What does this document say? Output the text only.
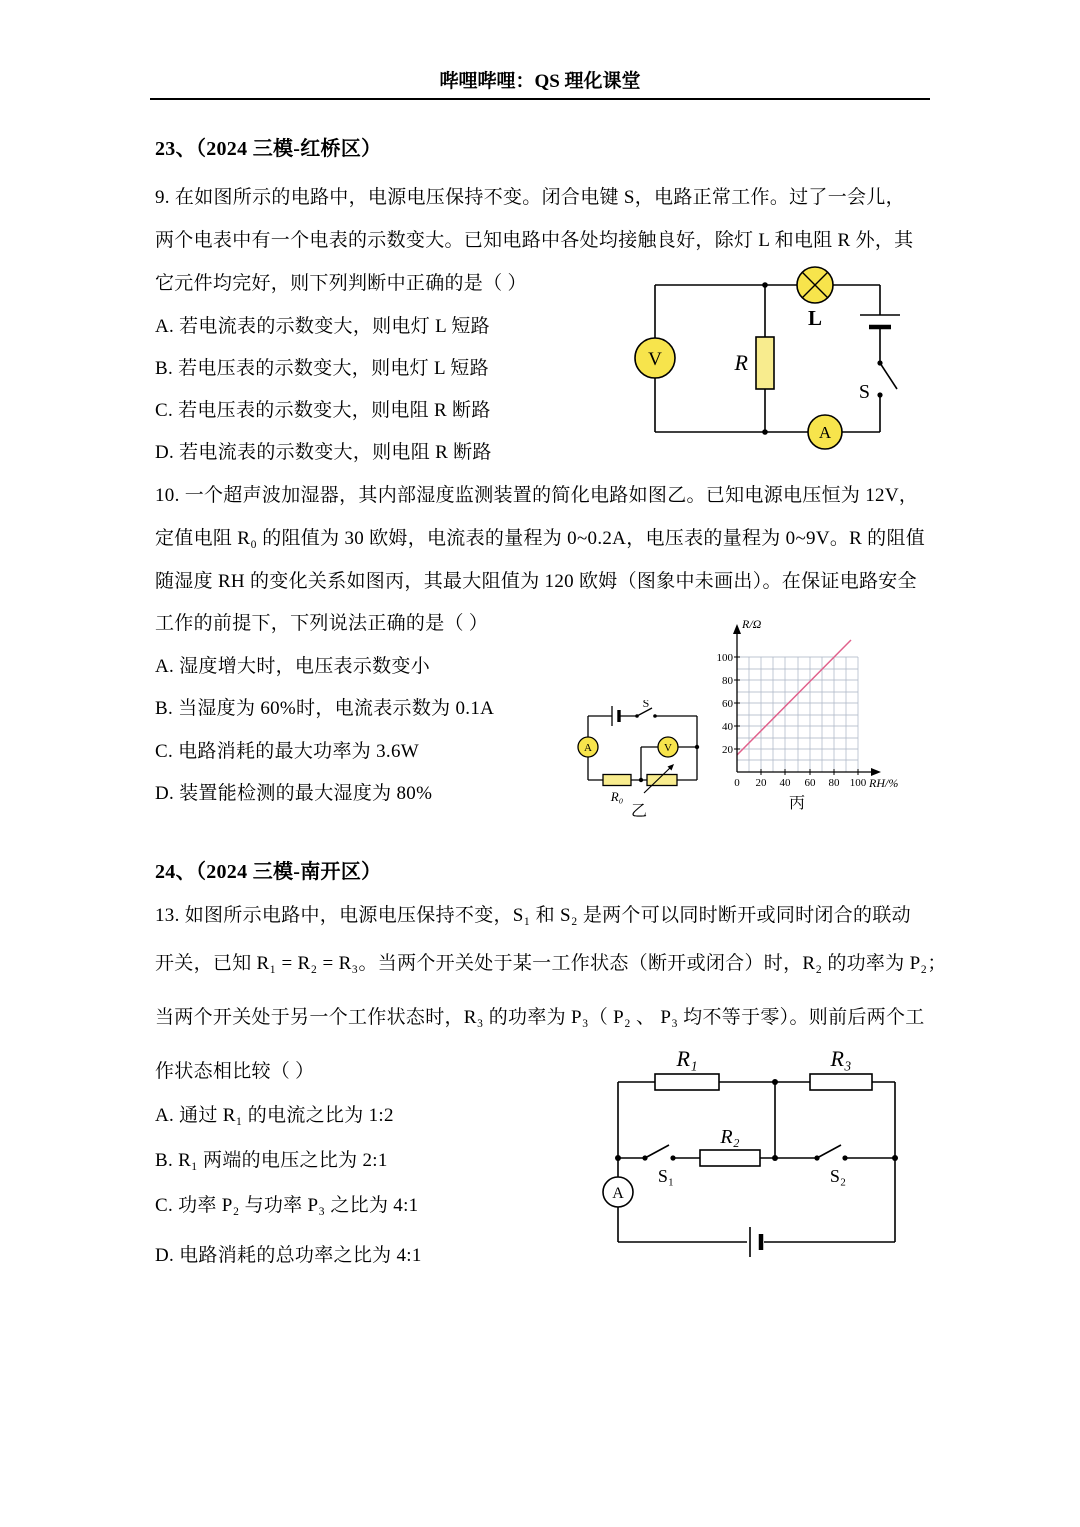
哔哩哔哩：QS 理化课堂
23、（2024 三模-红桥区）
9. 在如图所示的电路中，电源电压保持不变。闭合电键 S，电路正常工作。过了一会儿，
两个电表中有一个电表的示数变大。已知电路中各处均接触良好，除灯 L 和电阻 R 外，其
它元件均完好，则下列判断中正确的是（ ）
A. 若电流表的示数变大，则电灯 L 短路
B. 若电压表的示数变大，则电灯 L 短路
C. 若电压表的示数变大，则电阻 R 断路
D. 若电流表的示数变大，则电阻 R 断路
S
R
L
V
A
10. 一个超声波加湿器，其内部湿度监测装置的简化电路如图乙。已知电源电压恒为 12V，
定值电阻 R₀ 的阻值为 30 欧姆，电流表的量程为 0~0.2A，电压表的量程为 0~9V。R 的阻值
随湿度 RH 的变化关系如图丙，其最大阻值为 120 欧姆（图象中未画出）。在保证电路安全
工作的前提下，下列说法正确的是（ ）
A. 湿度增大时，电压表示数变小
B. 当湿度为 60%时，电流表示数为 0.1A
C. 电路消耗的最大功率为 3.6W
D. 装置能检测的最大湿度为 80%
S
A	V
R₀
乙
R/Ω
RH/%
20
40
60
80
100
0 20 40 60 80 100
丙
24、（2024 三模-南开区）
13. 如图所示电路中，电源电压保持不变，S₁ 和 S₂ 是两个可以同时断开或同时闭合的联动
开关，已知 R₁ = R₂ = R₃。当两个开关处于某一工作状态（断开或闭合）时，R₂ 的功率为 P₂；
当两个开关处于另一个工作状态时，R₃ 的功率为 P₃（ P₂ 、 P₃ 均不等于零）。则前后两个工
作状态相比较（ ）
A. 通过 R₁ 的电流之比为 1:2
B. R₁ 两端的电压之比为 2:1
C. 功率 P₂ 与功率 P₃ 之比为 4:1
D. 电路消耗的总功率之比为 4:1
R₁	R₃
R₂
S₁	S₂
A
